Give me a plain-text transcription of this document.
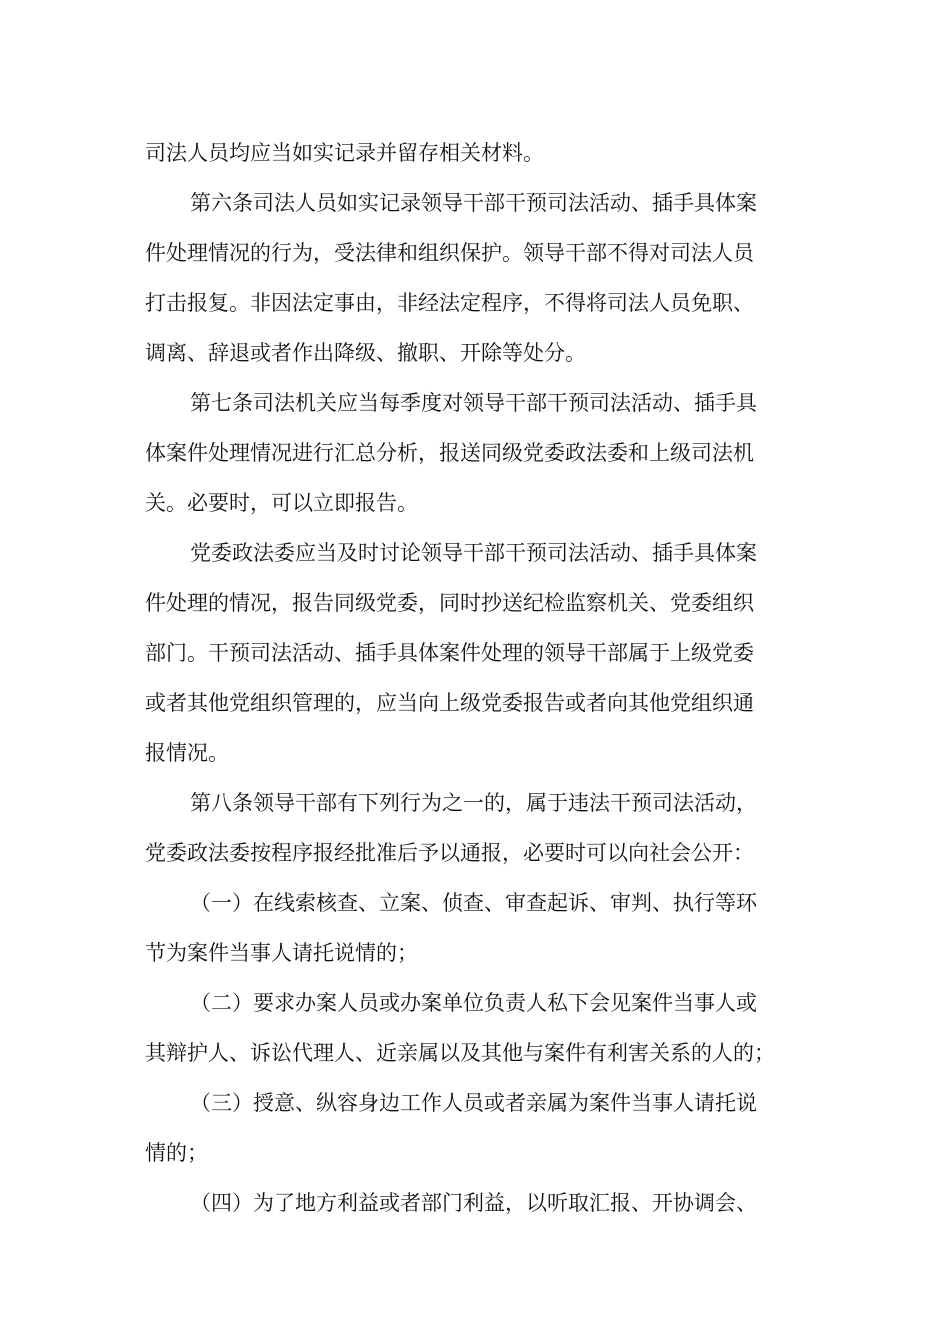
司法人员均应当如实记录并留存相关材料。
第六条司法人员如实记录领导干部干预司法活动、插手具体案
件处理情况的行为，受法律和组织保护。领导干部不得对司法人员
打击报复。非因法定事由，非经法定程序，不得将司法人员免职、
调离、辞退或者作出降级、撤职、开除等处分。
第七条司法机关应当每季度对领导干部干预司法活动、插手具
体案件处理情况进行汇总分析，报送同级党委政法委和上级司法机
关。必要时，可以立即报告。
党委政法委应当及时讨论领导干部干预司法活动、插手具体案
件处理的情况，报告同级党委，同时抄送纪检监察机关、党委组织
部门。干预司法活动、插手具体案件处理的领导干部属于上级党委
或者其他党组织管理的，应当向上级党委报告或者向其他党组织通
报情况。
第八条领导干部有下列行为之一的，属于违法干预司法活动，
党委政法委按程序报经批准后予以通报，必要时可以向社会公开：
（一）在线索核查、立案、侦查、审查起诉、审判、执行等环
节为案件当事人请托说情的；
（二）要求办案人员或办案单位负责人私下会见案件当事人或
其辩护人、诉讼代理人、近亲属以及其他与案件有利害关系的人的；
（三）授意、纵容身边工作人员或者亲属为案件当事人请托说
情的；
（四）为了地方利益或者部门利益，以听取汇报、开协调会、
